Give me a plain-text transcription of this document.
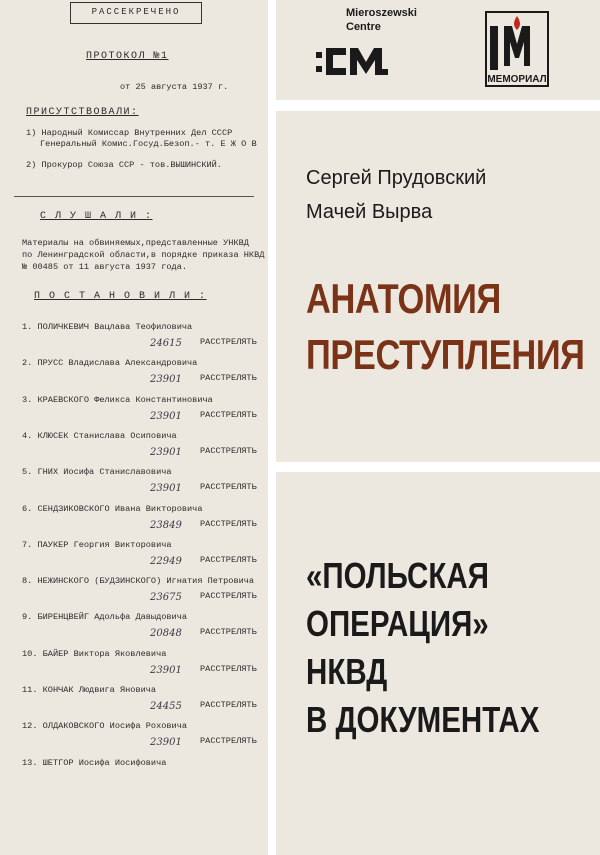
РАССЕКРЕЧЕНО
ПРОТОКОЛ №1
от 25 августа 1937 г.
ПРИСУТСТВОВАЛИ:
1) Народный Комиссар Внутренних Дел СССР
Генеральный Комис.Госуд.Безоп.- т. Е Ж О В
2) Прокурор Союза ССР - тов.ВЫШИНСКИЙ.
С Л У Ш А Л И :
Материалы на обвиняемых,представленные УНКВД
по Ленинградской области,в порядке приказа НКВД
№ 00485 от 11 августа 1937 года.
П О С Т А Н О В И Л И :
1. ПОЛИЧКЕВИЧ Вацлава Теофиловича
24615 РАССТРЕЛЯТЬ
2. ПРУСС Владислава Александровича
23901 РАССТРЕЛЯТЬ
3. КРАЕВСКОГО Феликса Константиновича
23901 РАССТРЕЛЯТЬ
4. КЛЮСЕК Станислава Осиповича
23901 РАССТРЕЛЯТЬ
5. ГНИХ Иосифа Станиславовича
23901 РАССТРЕЛЯТЬ
6. СЕНДЗИКОВСКОГО Ивана Викторовича
23849 РАССТРЕЛЯТЬ
7. ПАУКЕР Георгия Викторовича
22949 РАССТРЕЛЯТЬ
8. НЕЖИНСКОГО (БУДЗИНСКОГО) Игнатия Петровича
23675 РАССТРЕЛЯТЬ
9. БИРЕНЦВЕЙГ Адольфа Давыдовича
20848 РАССТРЕЛЯТЬ
10. БАЙЕР Виктора Яковлевича
23901 РАССТРЕЛЯТЬ
11. КОНЧАК Людвига Яновича
24455 РАССТРЕЛЯТЬ
12. ОЛДАКОВСКОГО Иосифа Роховича
23901 РАССТРЕЛЯТЬ
13. ШЕТГОР Иосифа Иосифовича
Mieroszewski
Centre
МЕМОРИАЛ
Сергей Прудовский
Мачей Вырва
АНАТОМИЯ
ПРЕСТУПЛЕНИЯ
«ПОЛЬСКАЯ
ОПЕРАЦИЯ»
НКВД
В ДОКУМЕНТАХ
